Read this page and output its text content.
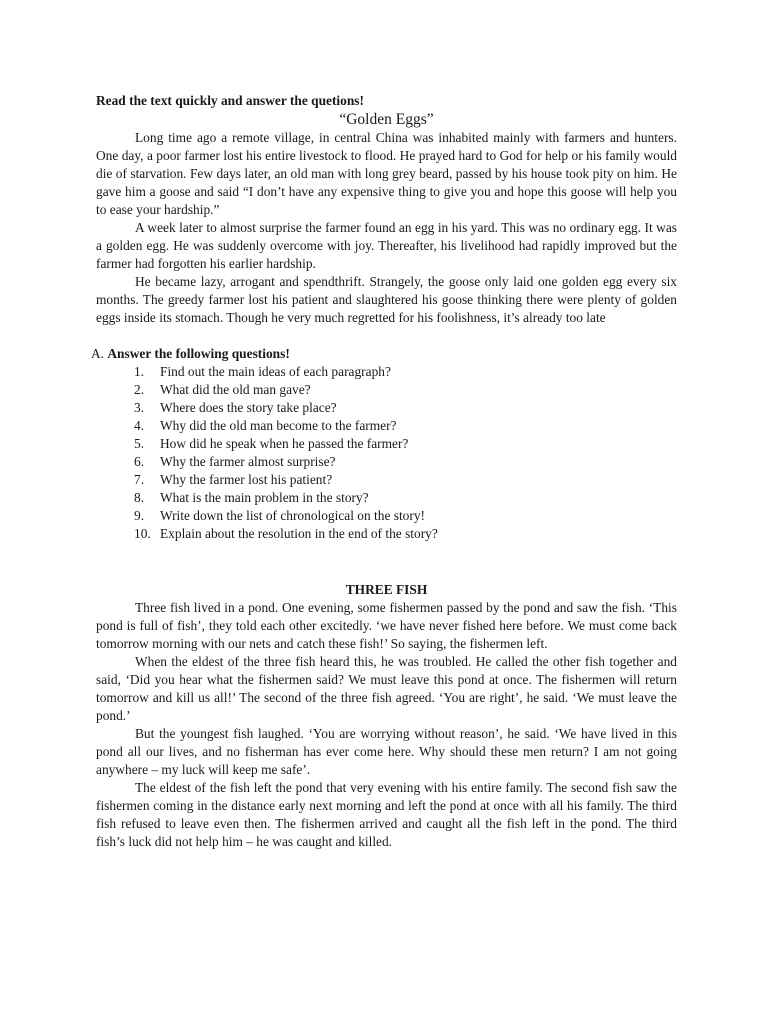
Read the text quickly and answer the quetions!

“Golden Eggs”

Long time ago a remote village, in central China was inhabited mainly with farmers and hunters. One day, a poor farmer lost his entire livestock to flood. He prayed hard to God for help or his family would die of starvation. Few days later, an old man with long grey beard, passed by his house took pity on him. He gave him a goose and said “I don’t have any expensive thing to give you and hope this goose will help you to ease your hardship.”

A week later to almost surprise the farmer found an egg in his yard. This was no ordinary egg. It was a golden egg. He was suddenly overcome with joy. Thereafter, his livelihood had rapidly improved but the farmer had forgotten his earlier hardship.

He became lazy, arrogant and spendthrift. Strangely, the goose only laid one golden egg every six months. The greedy farmer lost his patient and slaughtered his goose thinking there were plenty of golden eggs inside its stomach. Though he very much regretted for his foolishness, it’s already too late

A. Answer the following questions!

1. Find out the main ideas of each paragraph?
2. What did the old man gave?
3. Where does the story take place?
4. Why did the old man become to the farmer?
5. How did he speak when he passed the farmer?
6. Why the farmer almost surprise?
7. Why the farmer lost his patient?
8. What is the main problem in the story?
9. Write down the list of chronological on the story!
10. Explain about the resolution in the end of the story?

THREE FISH

Three fish lived in a pond. One evening, some fishermen passed by the pond and saw the fish. ‘This pond is full of fish’, they told each other excitedly. ‘we have never fished here before. We must come back tomorrow morning with our nets and catch these fish!’ So saying, the fishermen left.

When the eldest of the three fish heard this, he was troubled. He called the other fish together and said, ‘Did you hear what the fishermen said? We must leave this pond at once. The fishermen will return tomorrow and kill us all!’ The second of the three fish agreed. ‘You are right’, he said. ‘We must leave the pond.’

But the youngest fish laughed. ‘You are worrying without reason’, he said. ‘We have lived in this pond all our lives, and no fisherman has ever come here. Why should these men return? I am not going anywhere – my luck will keep me safe’.

The eldest of the fish left the pond that very evening with his entire family. The second fish saw the fishermen coming in the distance early next morning and left the pond at once with all his family. The third fish refused to leave even then. The fishermen arrived and caught all the fish left in the pond. The third fish’s luck did not help him – he was caught and killed.
